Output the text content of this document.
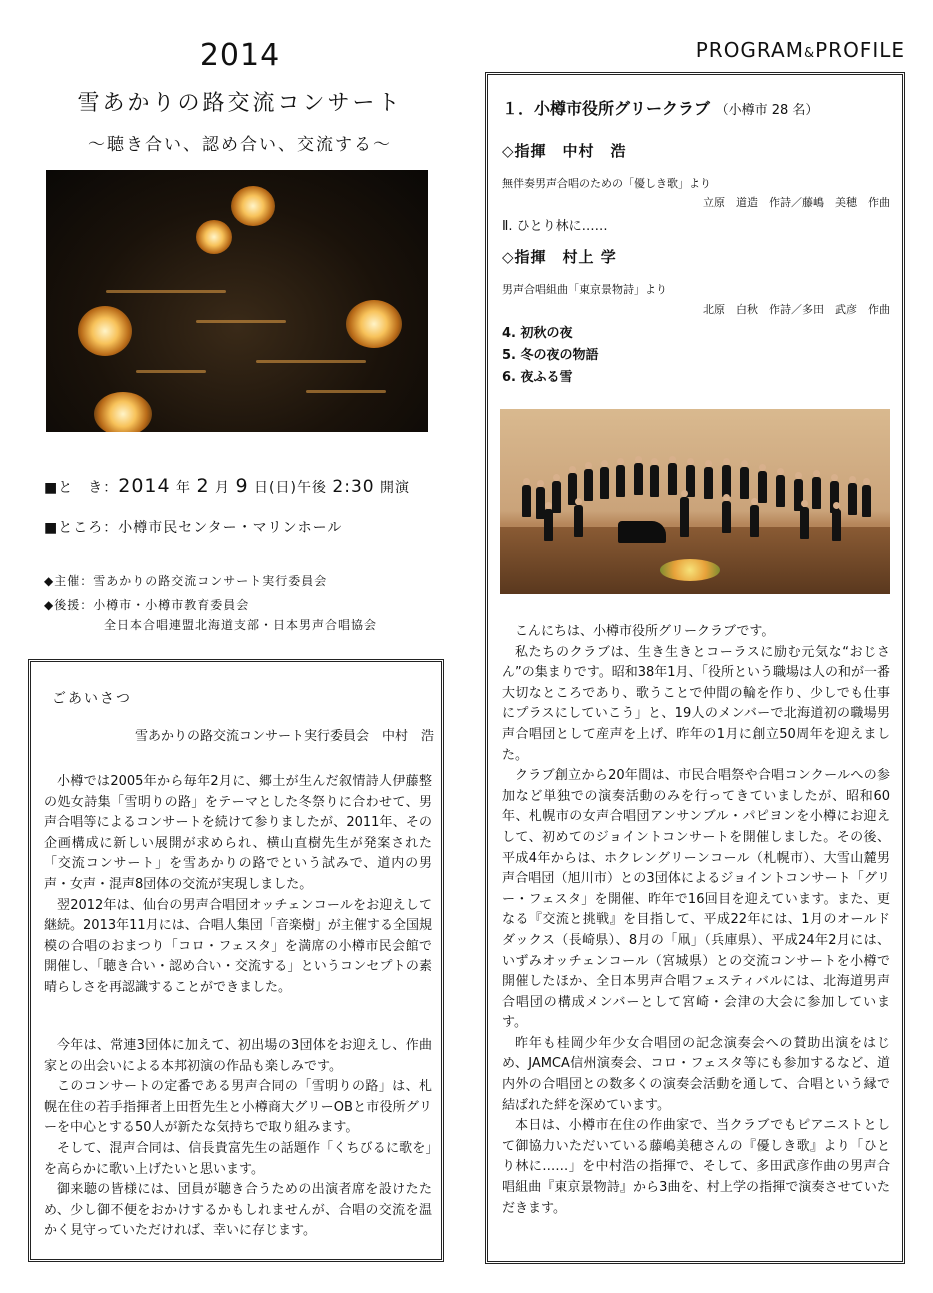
2014
雪あかりの路交流コンサート
～聴き合い、認め合い、交流する～
PROGRAM&PROFILE
■と　き：2014 年 2 月 9 日(日)午後 2:30 開演
■ところ：小樽市民センター・マリンホール
◆主催：雪あかりの路交流コンサート実行委員会
◆後援：小樽市・小樽市教育委員会
全日本合唱連盟北海道支部・日本男声合唱協会
ごあいさつ
雪あかりの路交流コンサート実行委員会　中村　浩

小樽では2005年から毎年2月に、郷土が生んだ叙情詩人伊藤整の処女詩集「雪明りの路」をテーマとした冬祭りに合わせて、男声合唱等によるコンサートを続けて参りましたが、2011年、その企画構成に新しい展開が求められ、横山直樹先生が発案された「交流コンサート」を雪あかりの路でという試みで、道内の男声・女声・混声8団体の交流が実現しました。

翌2012年は、仙台の男声合唱団オッチェンコールをお迎えして継続。2013年11月には、合唱人集団「音楽樹」が主催する全国規模の合唱のおまつり「コロ・フェスタ」を満席の小樽市民会館で開催し、「聴き合い・認め合い・交流する」というコンセプトの素晴らしさを再認識することができました。

今年は、常連3団体に加えて、初出場の3団体をお迎えし、作曲家との出会いによる本邦初演の作品も楽しみです。

このコンサートの定番である男声合同の「雪明りの路」は、札幌在住の若手指揮者上田哲先生と小樽商大グリーOBと市役所グリーを中心とする50人が新たな気持ちで取り組みます。

そして、混声合同は、信長貴富先生の話題作「くちびるに歌を」を高らかに歌い上げたいと思います。

御来聴の皆様には、団員が聴き合うための出演者席を設けたため、少し御不便をおかけするかもしれませんが、合唱の交流を温かく見守っていただければ、幸いに存じます。

１．小樽市役所グリークラブ （小樽市 28 名）
◇指揮　中村　浩
無伴奏男声合唱のための「優しき歌」より
立原　道造　作詩／藤嶋　美穂　作曲
Ⅱ. ひとり林に……
◇指揮　村上 学
男声合唱組曲「東京景物詩」より
北原　白秋　作詩／多田　武彦　作曲
4. 初秋の夜
5. 冬の夜の物語
6. 夜ふる雪

こんにちは、小樽市役所グリークラブです。

私たちのクラブは、生き生きとコーラスに励む元気な“おじさん”の集まりです。昭和38年1月、「役所という職場は人の和が一番大切なところであり、歌うことで仲間の輪を作り、少しでも仕事にプラスにしていこう」と、19人のメンバーで北海道初の職場男声合唱団として産声を上げ、昨年の1月に創立50周年を迎えました。

クラブ創立から20年間は、市民合唱祭や合唱コンクールへの参加など単独での演奏活動のみを行ってきていましたが、昭和60年、札幌市の女声合唱団アンサンブル・パピヨンを小樽にお迎えして、初めてのジョイントコンサートを開催しました。その後、平成4年からは、ホクレングリーンコール（札幌市）、大雪山麓男声合唱団（旭川市）との3団体によるジョイントコンサート「グリー・フェスタ」を開催、昨年で16回目を迎えています。また、更なる『交流と挑戦』を目指して、平成22年には、1月のオールドダックス（長崎県）、8月の「凧」（兵庫県）、平成24年2月には、いずみオッチェンコール（宮城県）との交流コンサートを小樽で開催したほか、全日本男声合唱フェスティバルには、北海道男声合唱団の構成メンバーとして宮崎・会津の大会に参加しています。

昨年も桂岡少年少女合唱団の記念演奏会への賛助出演をはじめ、JAMCA信州演奏会、コロ・フェスタ等にも参加するなど、道内外の合唱団との数多くの演奏会活動を通して、合唱という縁で結ばれた絆を深めています。

本日は、小樽市在住の作曲家で、当クラブでもピアニストとして御協力いただいている藤嶋美穂さんの『優しき歌』より「ひとり林に……」を中村浩の指揮で、そして、多田武彦作曲の男声合唱組曲『東京景物詩』から3曲を、村上学の指揮で演奏させていただきます。
